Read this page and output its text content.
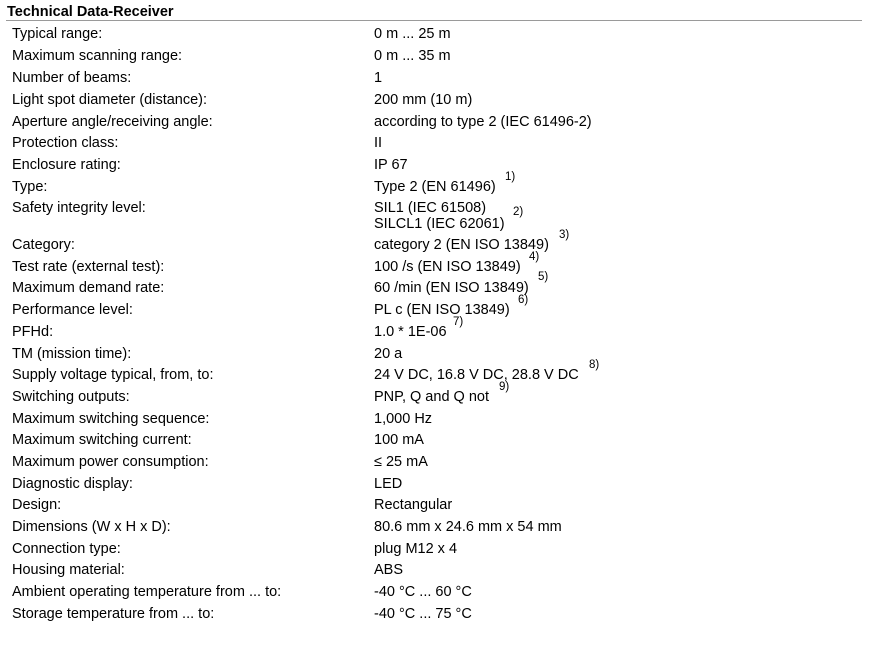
Technical Data-Receiver
Typical range:	0 m ... 25 m
Maximum scanning range:	0 m ... 35 m
Number of beams:	1
Light spot diameter (distance):	200 mm (10 m)
Aperture angle/receiving angle:	according to type 2 (IEC 61496-2)
Protection class:	II
Enclosure rating:	IP 67
Type:	Type 2 (EN 61496)
1)
Safety integrity level:	SIL1 (IEC 61508)
SILCL1 (IEC 62061)
2)
Category:	category 2 (EN ISO 13849)
3)
Test rate (external test):	100 /s (EN ISO 13849)
4)
Maximum demand rate:	60 /min (EN ISO 13849)
5)
Performance level:	PL c (EN ISO 13849)
6)
PFHd:	1.0 * 1E-06
7)
TM (mission time):	20 a
Supply voltage typical, from, to:	24 V DC, 16.8 V DC, 28.8 V DC
8)
Switching outputs:	PNP, Q and Q not
9)
Maximum switching sequence:	1,000 Hz
Maximum switching current:	100 mA
Maximum power consumption:	≤ 25 mA
Diagnostic display:	LED
Design:	Rectangular
Dimensions (W x H x D):	80.6 mm x 24.6 mm x 54 mm
Connection type:	plug M12 x 4
Housing material:	ABS
Ambient operating temperature from ... to:	-40 °C ... 60 °C
Storage temperature from ... to:	-40 °C ... 75 °C
